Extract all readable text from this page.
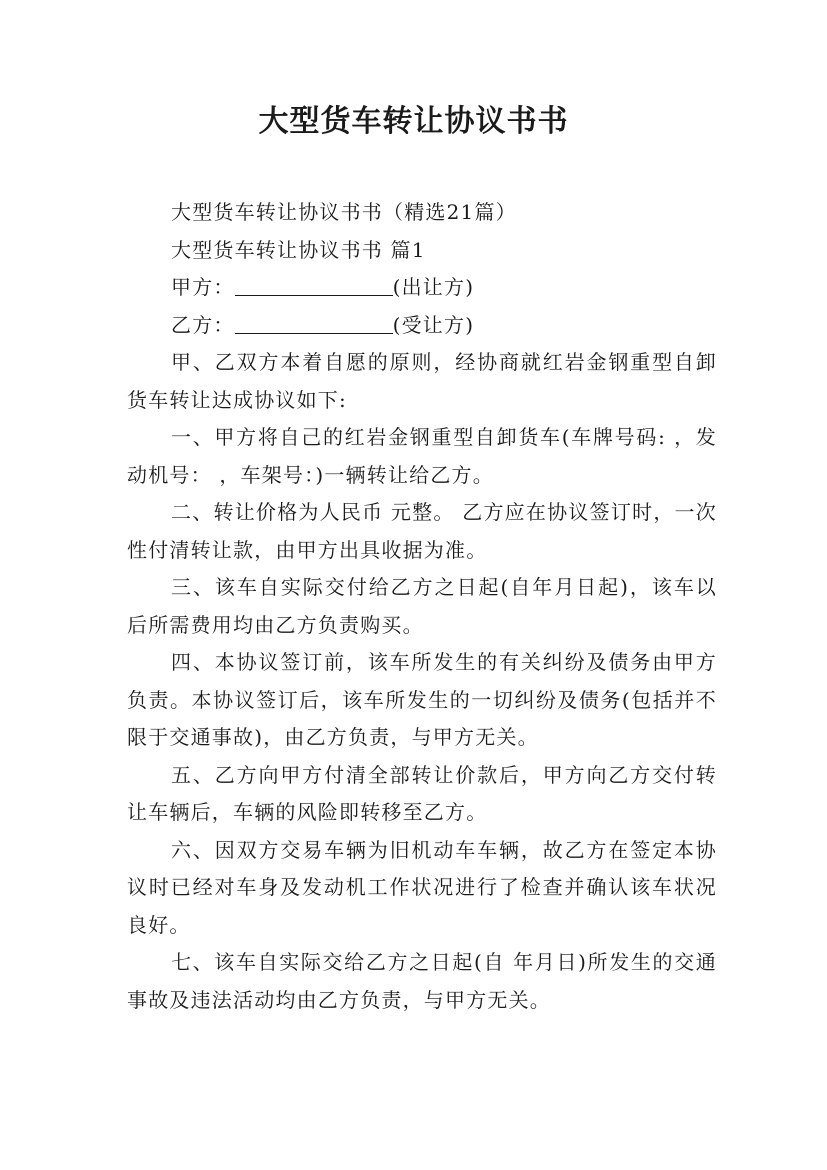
大型货车转让协议书书

大型货车转让协议书书（精选21篇）

大型货车转让协议书书 篇1

甲方：	(出让方)

乙方：	(受让方)

甲、乙双方本着自愿的原则，经协商就红岩金钢重型自卸货车转让达成协议如下:

一、甲方将自己的红岩金钢重型自卸货车(车牌号码: ，发动机号： ，车架号：)一辆转让给乙方。

二、转让价格为人民币 元整。 乙方应在协议签订时，一次性付清转让款，由甲方出具收据为准。

三、该车自实际交付给乙方之日起(自年月日起)，该车以后所需费用均由乙方负责购买。

四、本协议签订前，该车所发生的有关纠纷及债务由甲方负责。本协议签订后，该车所发生的一切纠纷及债务(包括并不限于交通事故)，由乙方负责，与甲方无关。

五、乙方向甲方付清全部转让价款后，甲方向乙方交付转让车辆后，车辆的风险即转移至乙方。

六、因双方交易车辆为旧机动车车辆，故乙方在签定本协议时已经对车身及发动机工作状况进行了检查并确认该车状况良好。

七、该车自实际交给乙方之日起(自 年月日)所发生的交通事故及违法活动均由乙方负责，与甲方无关。
